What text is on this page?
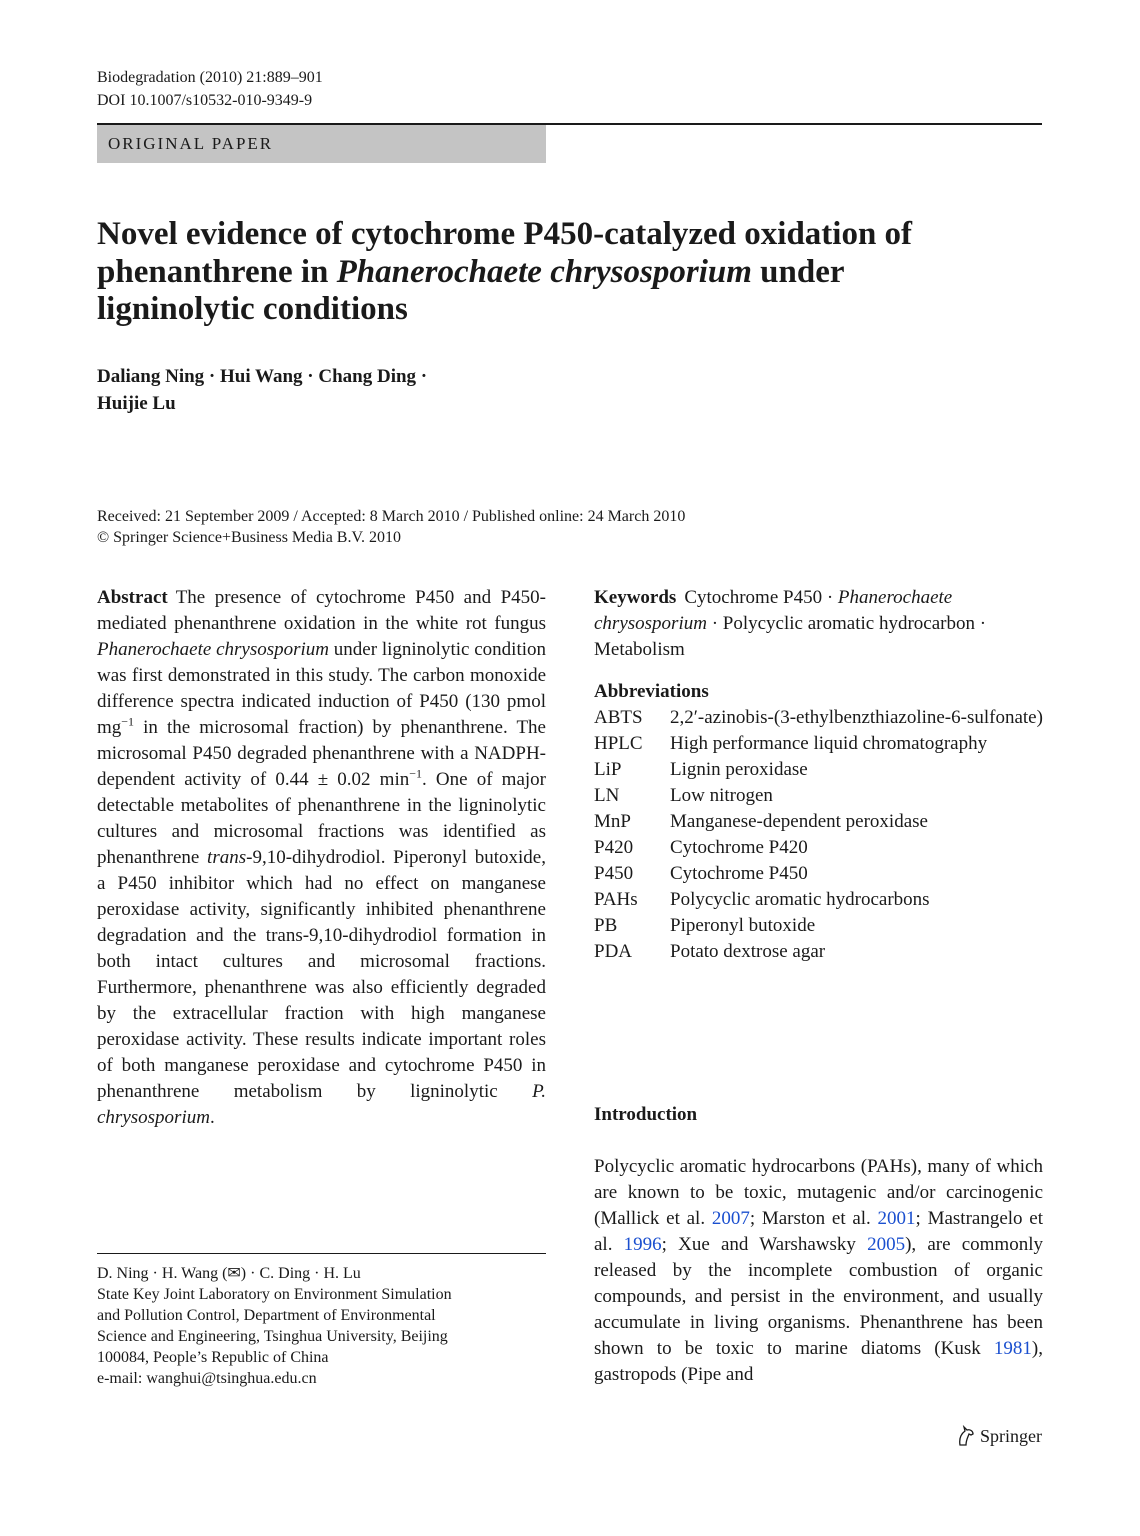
Biodegradation (2010) 21:889–901
DOI 10.1007/s10532-010-9349-9
ORIGINAL PAPER
Novel evidence of cytochrome P450-catalyzed oxidation of phenanthrene in Phanerochaete chrysosporium under ligninolytic conditions
Daliang Ning · Hui Wang · Chang Ding ·
Huijie Lu
Received: 21 September 2009 / Accepted: 8 March 2010 / Published online: 24 March 2010
© Springer Science+Business Media B.V. 2010
Abstract The presence of cytochrome P450 and P450-mediated phenanthrene oxidation in the white rot fungus Phanerochaete chrysosporium under ligninolytic condition was first demonstrated in this study. The carbon monoxide difference spectra indicated induction of P450 (130 pmol $mg^{-1}$ in the microsomal fraction) by phenanthrene. The microsomal P450 degraded phenanthrene with a NADPH-dependent activity of 0.44 ± 0.02 $\min^{-1}$. One of major detectable metabolites of phenanthrene in the ligninolytic cultures and microsomal fractions was identified as phenanthrene trans-9,10-dihydrodiol. Piperonyl butoxide, a P450 inhibitor which had no effect on manganese peroxidase activity, significantly inhibited phenanthrene degradation and the trans-9,10-dihydrodiol formation in both intact cultures and microsomal fractions. Furthermore, phenanthrene was also efficiently degraded by the extracellular fraction with high manganese peroxidase activity. These results indicate important roles of both manganese peroxidase and cytochrome P450 in phenanthrene metabolism by ligninolytic P. chrysosporium.
Keywords Cytochrome P450 · Phanerochaete chrysosporium · Polycyclic aromatic hydrocarbon · Metabolism
Abbreviations
ABTS	2,2′-azinobis-(3-ethylbenzthiazoline-6-sulfonate)
HPLC	High performance liquid chromatography
LiP	Lignin peroxidase
LN	Low nitrogen
MnP	Manganese-dependent peroxidase
P420	Cytochrome P420
P450	Cytochrome P450
PAHs	Polycyclic aromatic hydrocarbons
PB	Piperonyl butoxide
PDA	Potato dextrose agar
Introduction
Polycyclic aromatic hydrocarbons (PAHs), many of which are known to be toxic, mutagenic and/or carcinogenic (Mallick et al. 2007; Marston et al. 2001; Mastrangelo et al. 1996; Xue and Warshawsky 2005), are commonly released by the incomplete combustion of organic compounds, and persist in the environment, and usually accumulate in living organisms. Phenanthrene has been shown to be toxic to marine diatoms (Kusk 1981), gastropods (Pipe and
D. Ning · H. Wang (✉) · C. Ding · H. Lu
State Key Joint Laboratory on Environment Simulation
and Pollution Control, Department of Environmental
Science and Engineering, Tsinghua University, Beijing
100084, People’s Republic of China
e-mail: wanghui@tsinghua.edu.cn
Springer
